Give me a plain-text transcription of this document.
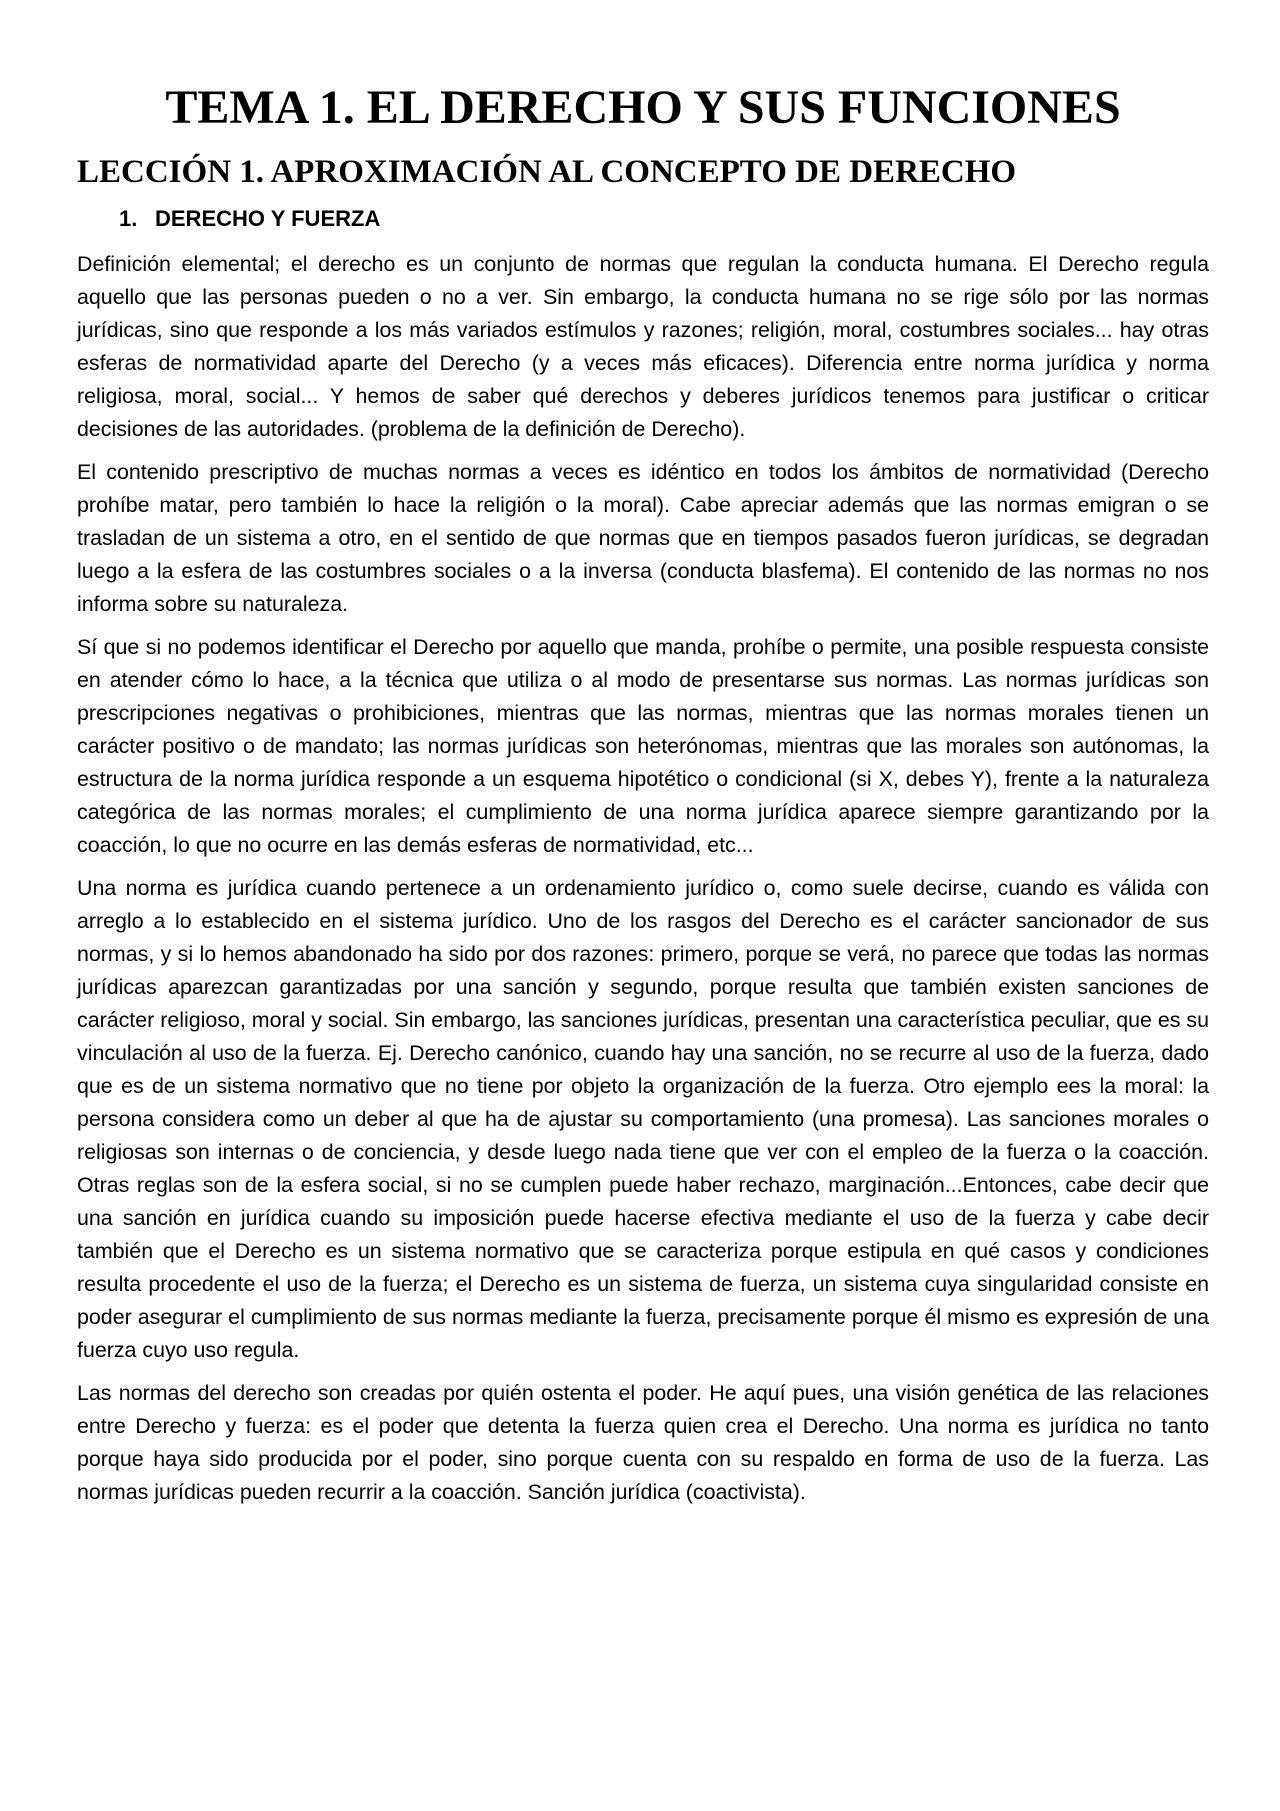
TEMA 1. EL DERECHO Y SUS FUNCIONES
LECCIÓN 1. APROXIMACIÓN AL CONCEPTO DE DERECHO
1. DERECHO Y FUERZA

Definición elemental; el derecho es un conjunto de normas que regulan la conducta humana. El Derecho regula aquello que las personas pueden o no a ver. Sin embargo, la conducta humana no se rige sólo por las normas jurídicas, sino que responde a los más variados estímulos y razones; religión, moral, costumbres sociales... hay otras esferas de normatividad aparte del Derecho (y a veces más eficaces). Diferencia entre norma jurídica y norma religiosa, moral, social... Y hemos de saber qué derechos y deberes jurídicos tenemos para justificar o criticar decisiones de las autoridades. (problema de la definición de Derecho).

El contenido prescriptivo de muchas normas a veces es idéntico en todos los ámbitos de normatividad (Derecho prohíbe matar, pero también lo hace la religión o la moral). Cabe apreciar además que las normas emigran o se trasladan de un sistema a otro, en el sentido de que normas que en tiempos pasados fueron jurídicas, se degradan luego a la esfera de las costumbres sociales o a la inversa (conducta blasfema). El contenido de las normas no nos informa sobre su naturaleza.

Sí que si no podemos identificar el Derecho por aquello que manda, prohíbe o permite, una posible respuesta consiste en atender cómo lo hace, a la técnica que utiliza o al modo de presentarse sus normas. Las normas jurídicas son prescripciones negativas o prohibiciones, mientras que las normas, mientras que las normas morales tienen un carácter positivo o de mandato; las normas jurídicas son heterónomas, mientras que las morales son autónomas, la estructura de la norma jurídica responde a un esquema hipotético o condicional (si X, debes Y), frente a la naturaleza categórica de las normas morales; el cumplimiento de una norma jurídica aparece siempre garantizando por la coacción, lo que no ocurre en las demás esferas de normatividad, etc...

Una norma es jurídica cuando pertenece a un ordenamiento jurídico o, como suele decirse, cuando es válida con arreglo a lo establecido en el sistema jurídico. Uno de los rasgos del Derecho es el carácter sancionador de sus normas, y si lo hemos abandonado ha sido por dos razones: primero, porque se verá, no parece que todas las normas jurídicas aparezcan garantizadas por una sanción y segundo, porque resulta que también existen sanciones de carácter religioso, moral y social. Sin embargo, las sanciones jurídicas, presentan una característica peculiar, que es su vinculación al uso de la fuerza. Ej. Derecho canónico, cuando hay una sanción, no se recurre al uso de la fuerza, dado que es de un sistema normativo que no tiene por objeto la organización de la fuerza. Otro ejemplo ees la moral: la persona considera como un deber al que ha de ajustar su comportamiento (una promesa). Las sanciones morales o religiosas son internas o de conciencia, y desde luego nada tiene que ver con el empleo de la fuerza o la coacción. Otras reglas son de la esfera social, si no se cumplen puede haber rechazo, marginación...Entonces, cabe decir que una sanción en jurídica cuando su imposición puede hacerse efectiva mediante el uso de la fuerza y cabe decir también que el Derecho es un sistema normativo que se caracteriza porque estipula en qué casos y condiciones resulta procedente el uso de la fuerza; el Derecho es un sistema de fuerza, un sistema cuya singularidad consiste en poder asegurar el cumplimiento de sus normas mediante la fuerza, precisamente porque él mismo es expresión de una fuerza cuyo uso regula.

Las normas del derecho son creadas por quién ostenta el poder. He aquí pues, una visión genética de las relaciones entre Derecho y fuerza: es el poder que detenta la fuerza quien crea el Derecho. Una norma es jurídica no tanto porque haya sido producida por el poder, sino porque cuenta con su respaldo en forma de uso de la fuerza. Las normas jurídicas pueden recurrir a la coacción. Sanción jurídica (coactivista).
